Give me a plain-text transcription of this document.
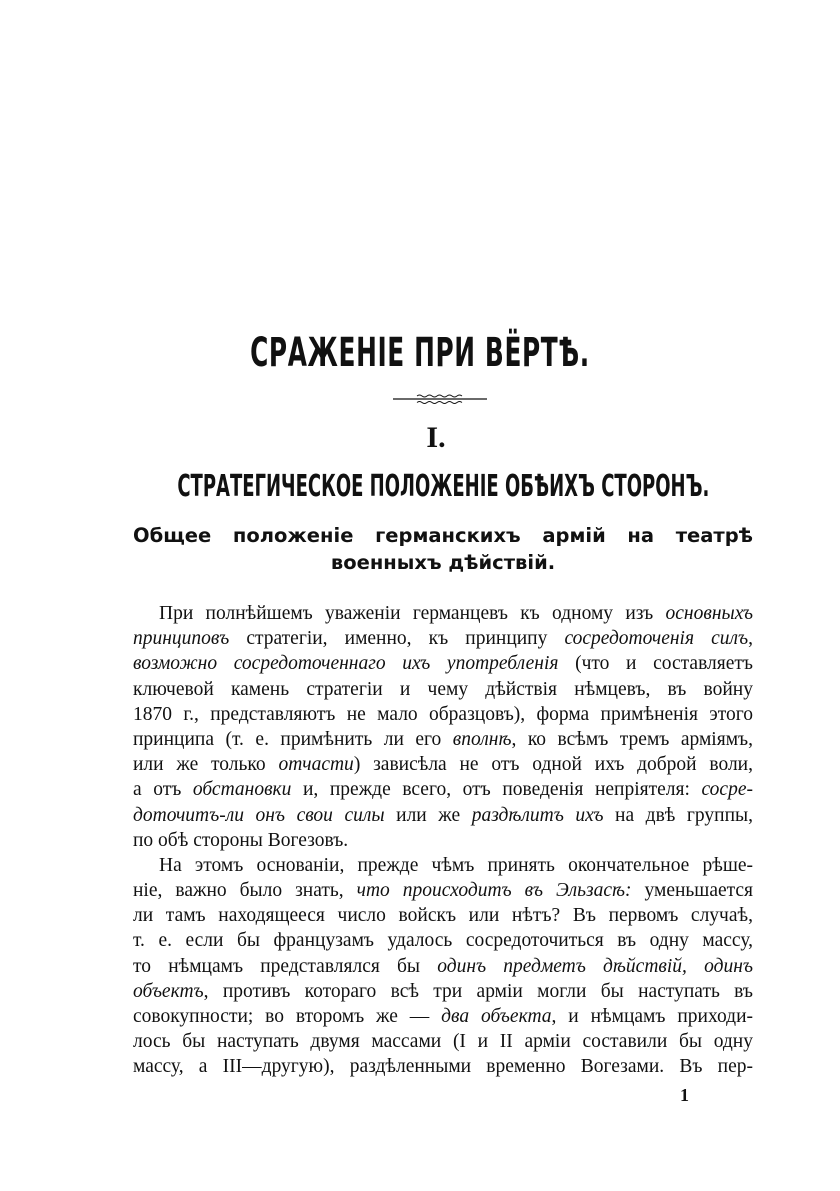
СРАЖЕНІЕ ПРИ ВЁРТѢ.
I.
СТРАТЕГИЧЕСКОЕ ПОЛОЖЕНІЕ ОБѢИХЪ СТОРОНЪ.
Общее положеніе германскихъ армій на театрѣ
военныхъ дѣйствій.
При полнѣйшемъ уваженіи германцевъ къ одному изъ основныхъ
принциповъ стратегіи, именно, къ принципу сосредоточенія силъ,
возможно сосредоточеннаго ихъ употребленія (что и составляетъ
ключевой камень стратегіи и чему дѣйствія нѣмцевъ, въ войну
1870 г., представляютъ не мало образцовъ), форма примѣненія этого
принципа (т. е. примѣнить ли его вполнѣ, ко всѣмъ тремъ арміямъ,
или же только отчасти) зависѣла не отъ одной ихъ доброй воли,
а отъ обстановки и, прежде всего, отъ поведенія непріятеля: сосре-
доточитъ-ли онъ свои силы или же раздѣлитъ ихъ на двѣ группы,
по обѣ стороны Вогезовъ.
На этомъ основаніи, прежде чѣмъ принять окончательное рѣше-
ніе, важно было знать, что происходитъ въ Эльзасѣ: уменьшается
ли тамъ находящееся число войскъ или нѣтъ? Въ первомъ случаѣ,
т. е. если бы французамъ удалось сосредоточиться въ одну массу,
то нѣмцамъ представлялся бы одинъ предметъ дѣйствій, одинъ
объектъ, противъ котораго всѣ три арміи могли бы наступать въ
совокупности; во второмъ же — два объекта, и нѣмцамъ приходи-
лось бы наступать двумя массами (I и II арміи составили бы одну
массу, а III—другую), раздѣленными временно Вогезами. Въ пер-
1
